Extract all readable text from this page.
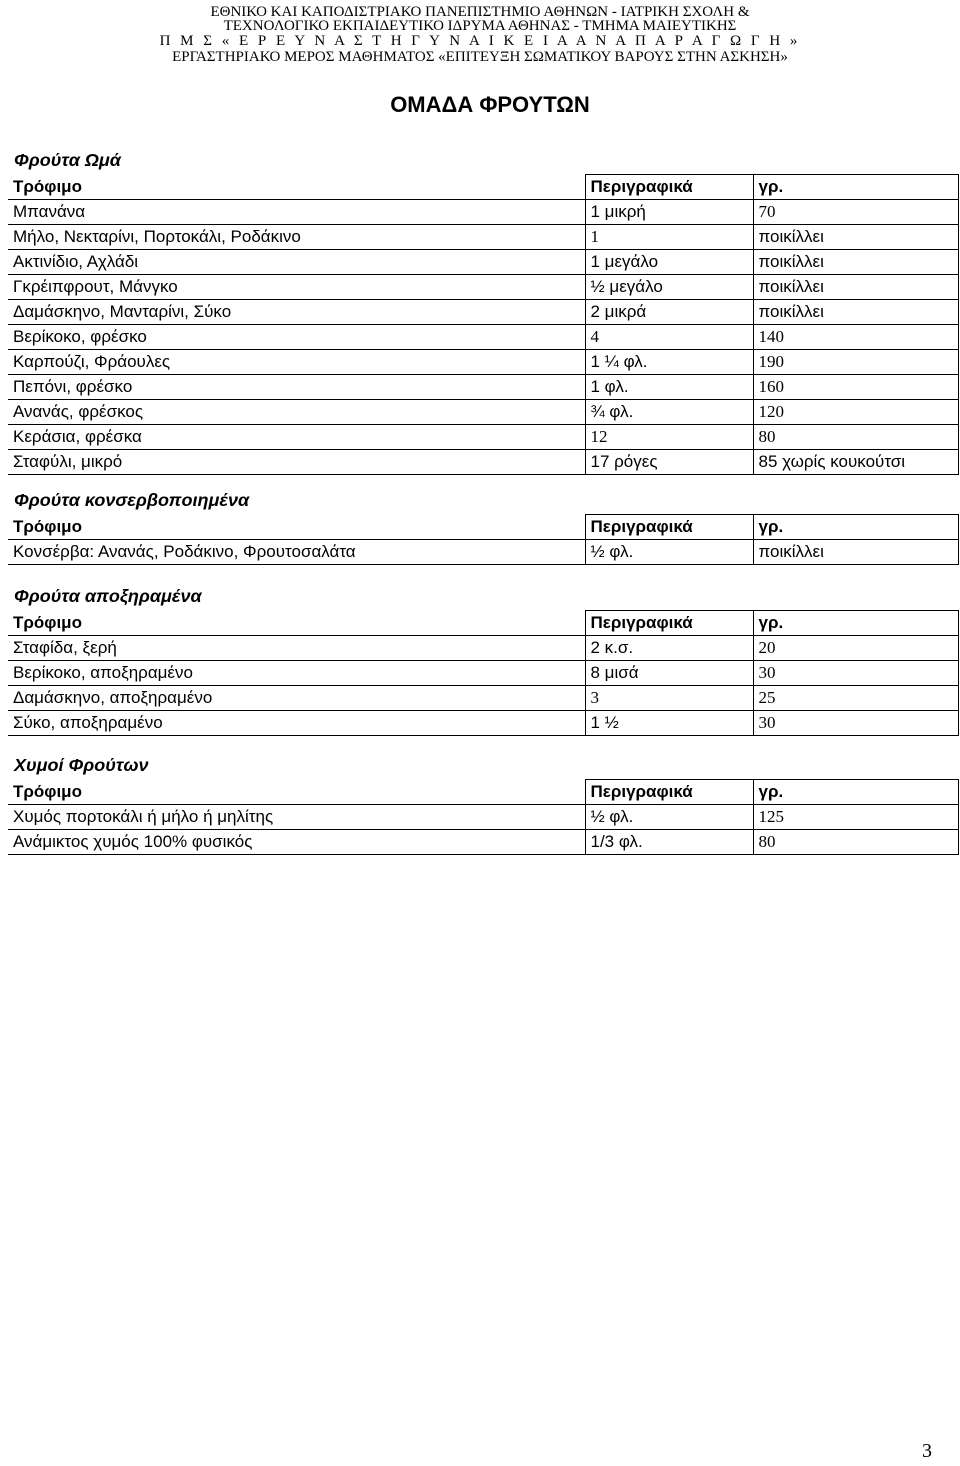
ΕΘΝΙΚΟ ΚΑΙ ΚΑΠΟΔΙΣΤΡΙΑΚΟ ΠΑΝΕΠΙΣΤΗΜΙΟ ΑΘΗΝΩΝ - ΙΑΤΡΙΚΗ ΣΧΟΛΗ &
ΤΕΧΝΟΛΟΓΙΚΟ ΕΚΠΑΙΔΕΥΤΙΚΟ ΙΔΡΥΜΑ ΑΘΗΝΑΣ - ΤΜΗΜΑ ΜΑΙΕΥΤΙΚΗΣ
Π Μ Σ « Ε Ρ Ε Υ Ν Α Σ Τ Η Γ Υ Ν Α Ι Κ Ε Ι Α Α Ν Α Π Α Ρ Α Γ Ω Γ Η »
ΕΡΓΑΣΤΗΡΙΑΚΟ ΜΕΡΟΣ ΜΑΘΗΜΑΤΟΣ «ΕΠΙΤΕΥΞΗ ΣΩΜΑΤΙΚΟΥ ΒΑΡΟΥΣ ΣΤΗΝ ΑΣΚΗΣΗ»
ΟΜΑΔΑ ΦΡΟΥΤΩΝ
Φρούτα Ωμά
Τρόφιμο	Περιγραφικά	γρ.
Μπανάνα	1 μικρή	70
Μήλο, Νεκταρίνι, Πορτοκάλι, Ροδάκινο	1	ποικίλλει
Ακτινίδιο, Αχλάδι	1 μεγάλο	ποικίλλει
Γκρέιπφρουτ, Μάνγκο	½ μεγάλο	ποικίλλει
Δαμάσκηνο, Μανταρίνι, Σύκο	2 μικρά	ποικίλλει
Βερίκοκο, φρέσκο	4	140
Καρπούζι, Φράουλες	1 ¼ φλ.	190
Πεπόνι, φρέσκο	1 φλ.	160
Ανανάς, φρέσκος	¾ φλ.	120
Κεράσια, φρέσκα	12	80
Σταφύλι, μικρό	17 ρόγες	85 χωρίς κουκούτσι
Φρούτα κονσερβοποιημένα
Τρόφιμο	Περιγραφικά	γρ.
Κονσέρβα: Ανανάς, Ροδάκινο, Φρουτοσαλάτα	½ φλ.	ποικίλλει
Φρούτα αποξηραμένα
Τρόφιμο	Περιγραφικά	γρ.
Σταφίδα, ξερή	2 κ.σ.	20
Βερίκοκο, αποξηραμένο	8 μισά	30
Δαμάσκηνο, αποξηραμένο	3	25
Σύκο, αποξηραμένο	1 ½	30
Χυμοί Φρούτων
Τρόφιμο	Περιγραφικά	γρ.
Χυμός πορτοκάλι ή μήλο ή μηλίτης	½ φλ.	125
Ανάμικτος χυμός 100% φυσικός	1/3 φλ.	80
3
